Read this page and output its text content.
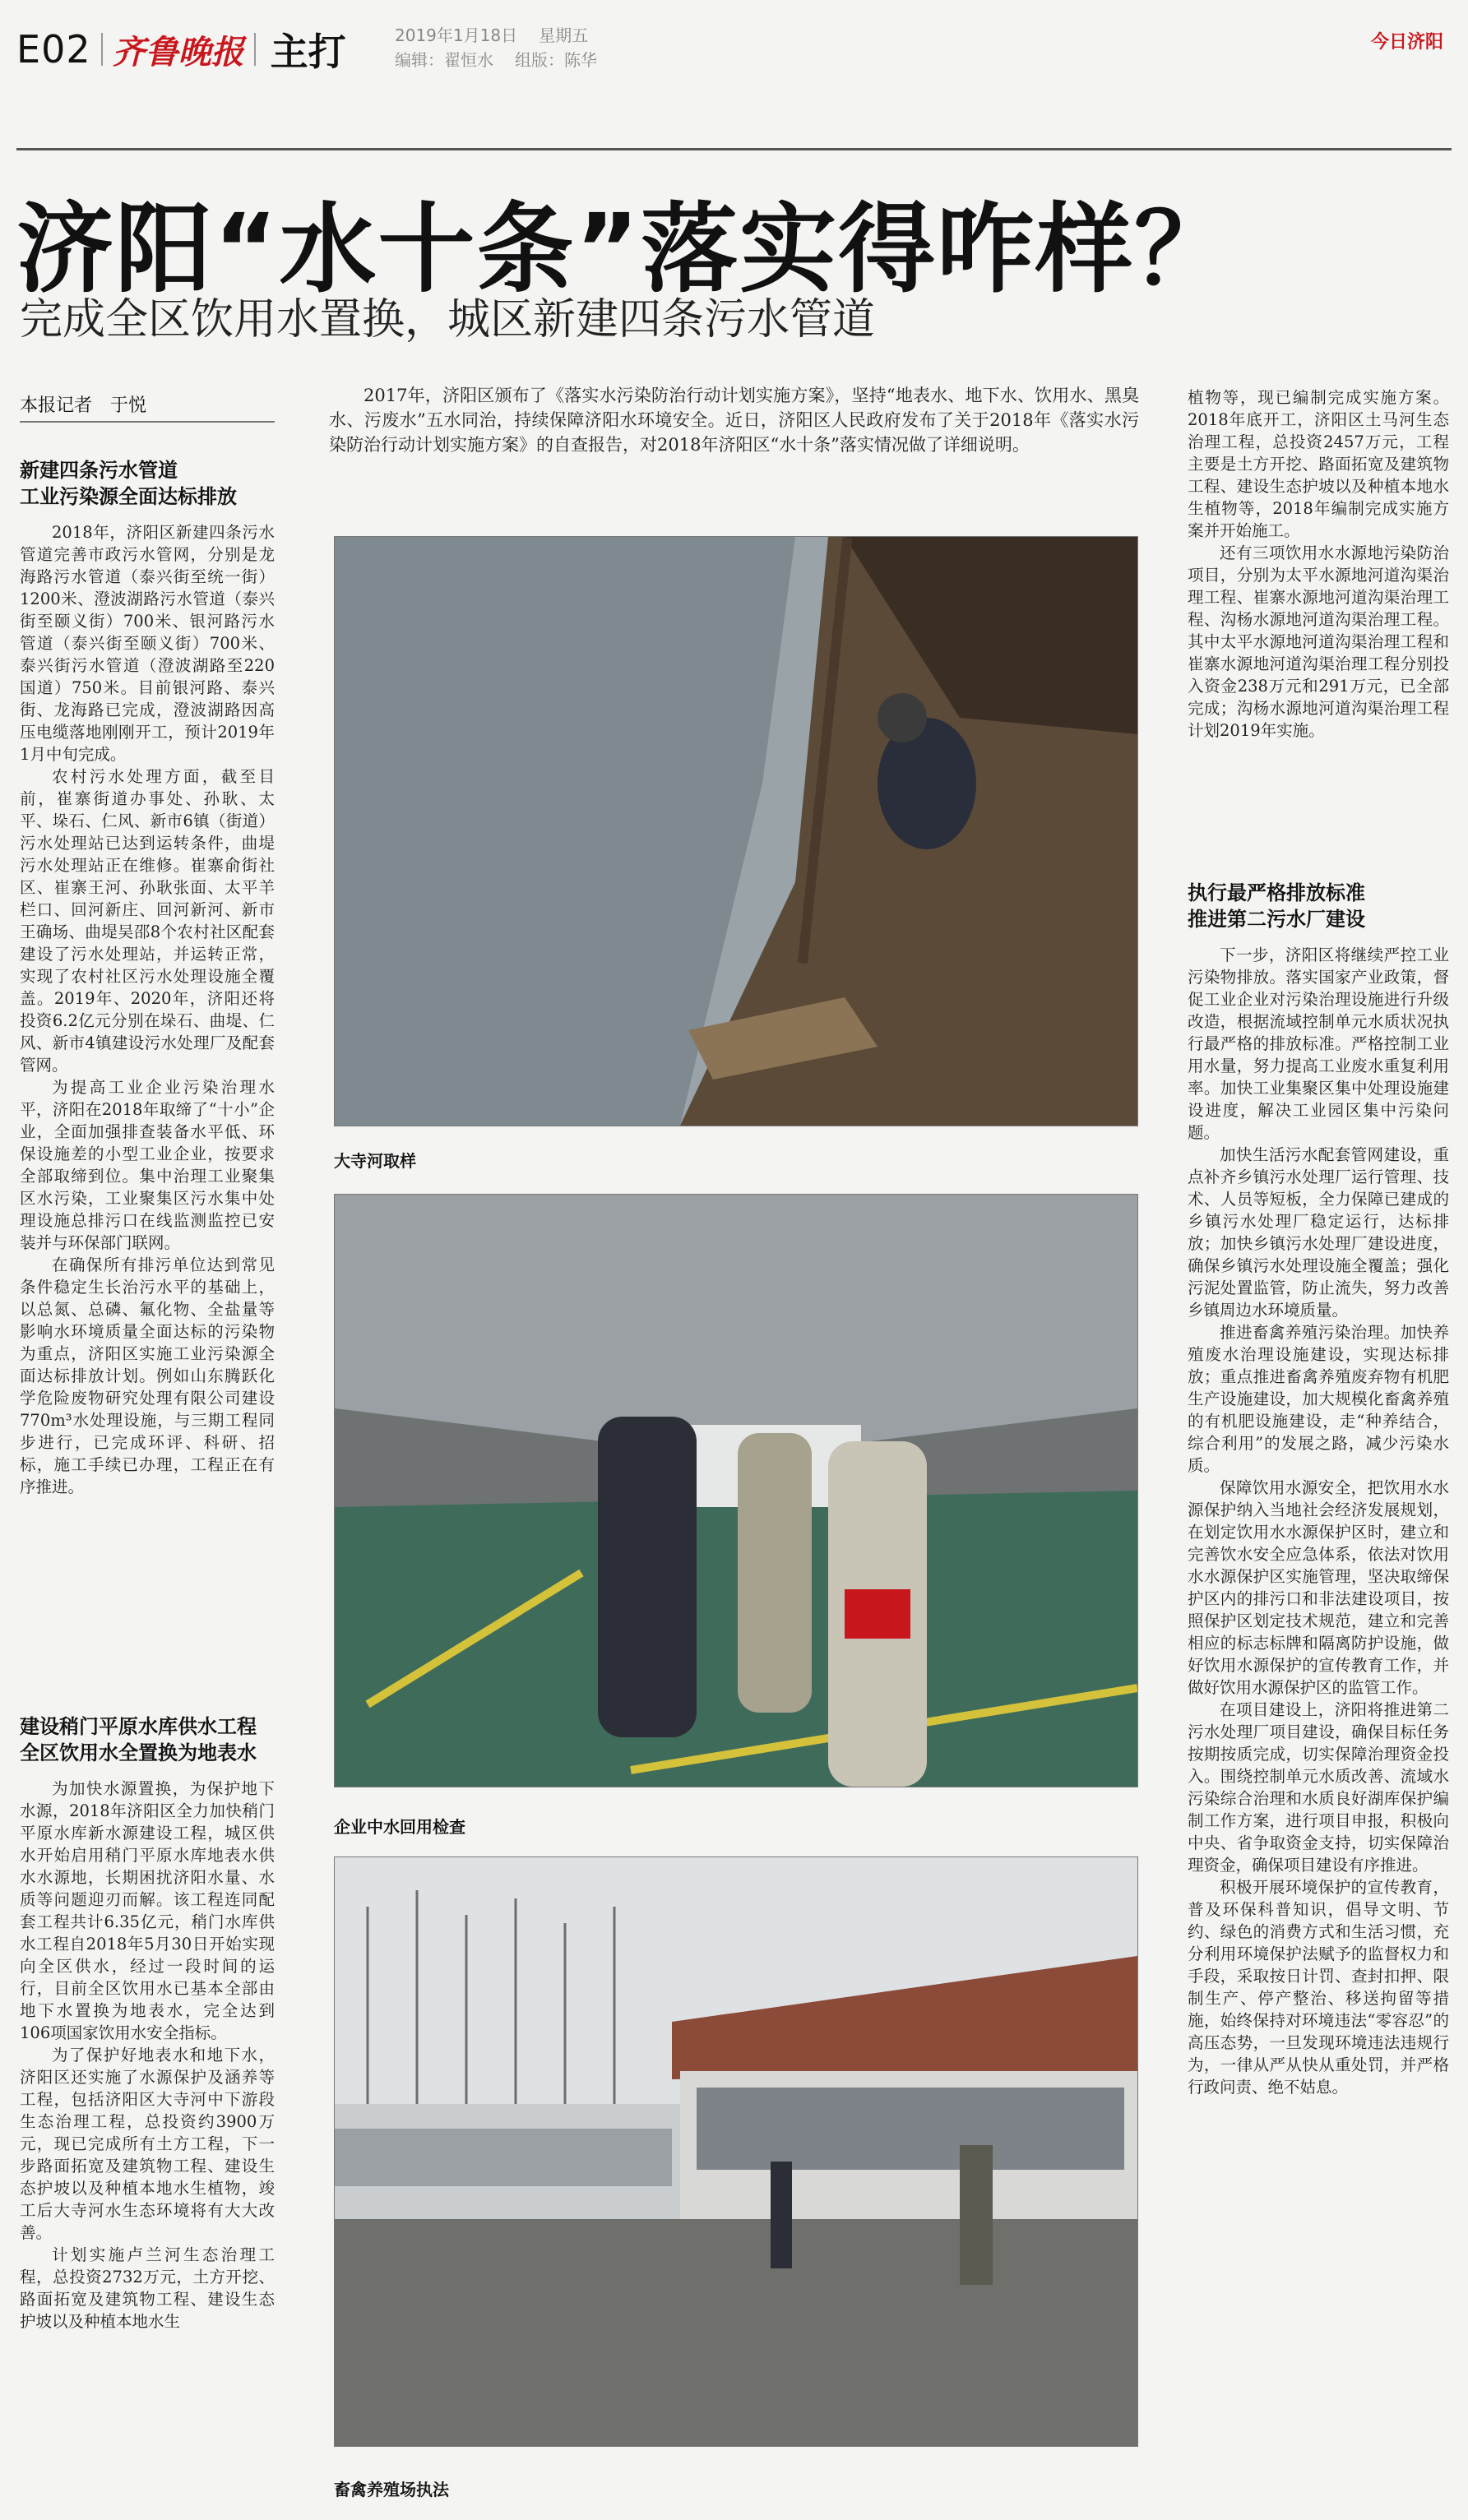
E02 齐鲁晚报 主打	2019年1月18日 星期五
编辑：翟恒水 组版：陈华
今日济阳
济阳“水十条”落实得咋样？
完成全区饮用水置换，城区新建四条污水管道
本报记者　于悦	2017年，济阳区颁布了《落实水污染防治行动计划实施方案》，坚持“地表水、地下水、饮用水、黑臭水、污废水”五水同治，持续保障济阳水环境安全。近日，济阳区人民政府发布了关于2018年《落实水污染防治行动计划实施方案》的自查报告，对2018年济阳区“水十条”落实情况做了详细说明。
新建四条污水管道
工业污染源全面达标排放

2018年，济阳区新建四条污水管道完善市政污水管网，分别是龙海路污水管道（泰兴街至统一街）1200米、澄波湖路污水管道（泰兴街至颐义街）700米、银河路污水管道（泰兴街至颐义街）700米、泰兴街污水管道（澄波湖路至220国道）750米。目前银河路、泰兴街、龙海路已完成，澄波湖路因高压电缆落地刚刚开工，预计2019年1月中旬完成。

农村污水处理方面，截至目前，崔寨街道办事处、孙耿、太平、垛石、仁风、新市6镇（街道）污水处理站已达到运转条件，曲堤污水处理站正在维修。崔寨俞街社区、崔寨王河、孙耿张面、太平羊栏口、回河新庄、回河新河、新市王确场、曲堤吴邵8个农村社区配套建设了污水处理站，并运转正常，实现了农村社区污水处理设施全覆盖。2019年、2020年，济阳还将投资6.2亿元分别在垛石、曲堤、仁风、新市4镇建设污水处理厂及配套管网。

为提高工业企业污染治理水平，济阳在2018年取缔了“十小”企业，全面加强排查装备水平低、环保设施差的小型工业企业，按要求全部取缔到位。集中治理工业聚集区水污染，工业聚集区污水集中处理设施总排污口在线监测监控已安装并与环保部门联网。

在确保所有排污单位达到常见条件稳定生长治污水平的基础上，以总氮、总磷、氟化物、全盐量等影响水环境质量全面达标的污染物为重点，济阳区实施工业污染源全面达标排放计划。例如山东腾跃化学危险废物研究处理有限公司建设770m³水处理设施，与三期工程同步进行，已完成环评、科研、招标，施工手续已办理，工程正在有序推进。

建设稍门平原水库供水工程
全区饮用水全置换为地表水

为加快水源置换，为保护地下水源，2018年济阳区全力加快稍门平原水库新水源建设工程，城区供水开始启用稍门平原水库地表水供水水源地，长期困扰济阳水量、水质等问题迎刃而解。该工程连同配套工程共计6.35亿元，稍门水库供水工程自2018年5月30日开始实现向全区供水，经过一段时间的运行，目前全区饮用水已基本全部由地下水置换为地表水，完全达到106项国家饮用水安全指标。

为了保护好地表水和地下水，济阳区还实施了水源保护及涵养等工程，包括济阳区大寺河中下游段生态治理工程，总投资约3900万元，现已完成所有土方工程，下一步路面拓宽及建筑物工程、建设生态护坡以及种植本地水生植物，竣工后大寺河水生态环境将有大大改善。

计划实施卢兰河生态治理工程，总投资2732万元，土方开挖、路面拓宽及建筑物工程、建设生态护坡以及种植本地水生

大寺河取样
企业中水回用检查
畜禽养殖场执法

植物等，现已编制完成实施方案。2018年底开工，济阳区土马河生态治理工程，总投资2457万元，工程主要是土方开挖、路面拓宽及建筑物工程、建设生态护坡以及种植本地水生植物等，2018年编制完成实施方案并开始施工。

还有三项饮用水水源地污染防治项目，分别为太平水源地河道沟渠治理工程、崔寨水源地河道沟渠治理工程、沟杨水源地河道沟渠治理工程。其中太平水源地河道沟渠治理工程和崔寨水源地河道沟渠治理工程分别投入资金238万元和291万元，已全部完成；沟杨水源地河道沟渠治理工程计划2019年实施。

执行最严格排放标准
推进第二污水厂建设

下一步，济阳区将继续严控工业污染物排放。落实国家产业政策，督促工业企业对污染治理设施进行升级改造，根据流域控制单元水质状况执行最严格的排放标准。严格控制工业用水量，努力提高工业废水重复利用率。加快工业集聚区集中处理设施建设进度，解决工业园区集中污染问题。

加快生活污水配套管网建设，重点补齐乡镇污水处理厂运行管理、技术、人员等短板，全力保障已建成的乡镇污水处理厂稳定运行，达标排放；加快乡镇污水处理厂建设进度，确保乡镇污水处理设施全覆盖；强化污泥处置监管，防止流失，努力改善乡镇周边水环境质量。

推进畜禽养殖污染治理。加快养殖废水治理设施建设，实现达标排放；重点推进畜禽养殖废弃物有机肥生产设施建设，加大规模化畜禽养殖的有机肥设施建设，走“种养结合，综合利用”的发展之路，减少污染水质。

保障饮用水源安全，把饮用水水源保护纳入当地社会经济发展规划，在划定饮用水水源保护区时，建立和完善饮水安全应急体系，依法对饮用水水源保护区实施管理，坚决取缔保护区内的排污口和非法建设项目，按照保护区划定技术规范，建立和完善相应的标志标牌和隔离防护设施，做好饮用水源保护的宣传教育工作，并做好饮用水源保护区的监管工作。

在项目建设上，济阳将推进第二污水处理厂项目建设，确保目标任务按期按质完成，切实保障治理资金投入。围绕控制单元水质改善、流域水污染综合治理和水质良好湖库保护编制工作方案，进行项目申报，积极向中央、省争取资金支持，切实保障治理资金，确保项目建设有序推进。

积极开展环境保护的宣传教育，普及环保科普知识，倡导文明、节约、绿色的消费方式和生活习惯，充分利用环境保护法赋予的监督权力和手段，采取按日计罚、查封扣押、限制生产、停产整治、移送拘留等措施，始终保持对环境违法“零容忍”的高压态势，一旦发现环境违法违规行为，一律从严从快从重处罚，并严格行政问责、绝不姑息。
